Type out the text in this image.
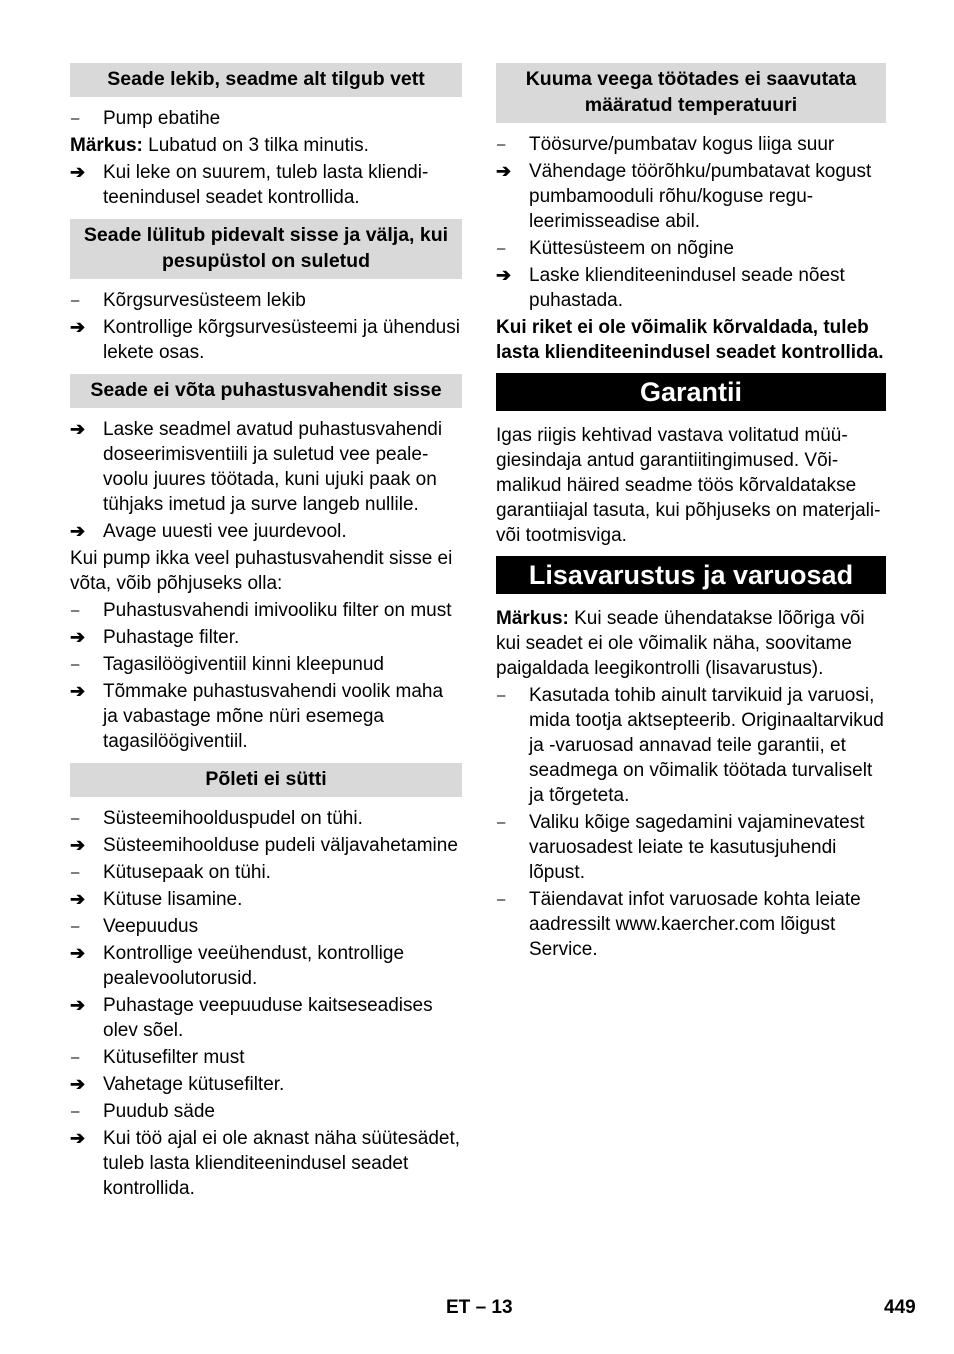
Seade lekib, seadme alt tilgub vett
–	Pump ebatihe
Märkus: Lubatud on 3 tilka minutis.
➔ Kui leke on suurem, tuleb lasta klienditeenindusel seadet kontrollida.
Seade lülitub pidevalt sisse ja välja, kui pesupüstol on suletud
–	Kõrgsurvesüsteem lekib
➔ Kontrollige kõrgsurvesüsteemi ja ühendusi lekete osas.
Seade ei võta puhastusvahendit sisse
➔ Laske seadmel avatud puhastusvahendi doseerimisventiili ja suletud vee pealevoolu juures töötada, kuni ujuki paak on tühjaks imetud ja surve langeb nullile.
➔ Avage uuesti vee juurdevool.
Kui pump ikka veel puhastusvahendit sisse ei võta, võib põhjuseks olla:
–	Puhastusvahendi imivooliku filter on must
➔ Puhastage filter.
–	Tagasilöögiventiil kinni kleepunud
➔ Tõmmake puhastusvahendi voolik maha ja vabastage mõne nüri esemega tagasilöögiventiil.
Põleti ei sütti
–	Süsteemihoolduspudel on tühi.
➔ Süsteemihoolduse pudeli väljavahetamine
–	Kütusepaak on tühi.
➔ Kütuse lisamine.
–	Veepuudus
➔ Kontrollige veeühendust, kontrollige pealevoolutorusid.
➔ Puhastage veepuuduse kaitseseadises olev sõel.
–	Kütusefilter must
➔ Vahetage kütusefilter.
–	Puudub säde
➔ Kui töö ajal ei ole aknast näha süütesädet, tuleb lasta klienditeenindusel seadet kontrollida.
Kuuma veega töötades ei saavutata määratud temperatuuri
–	Töösurve/pumbatav kogus liiga suur
➔ Vähendage töörõhku/pumbatavat kogust pumbamooduli rõhu/koguse reguleerimisseadise abil.
–	Küttesüsteem on nõgine
➔ Laske klienditeenindusel seade nõest puhastada.
Kui riket ei ole võimalik kõrvaldada, tuleb lasta klienditeenindusel seadet kontrollida.
Garantii
Igas riigis kehtivad vastava volitatud müügiesindaja antud garantiitingimused. Võimalikud häired seadme töös kõrvaldatakse garantiiajal tasuta, kui põhjuseks on materjali- või tootmisviga.
Lisavarustus ja varuosad
Märkus: Kui seade ühendatakse lõõriga või kui seadet ei ole võimalik näha, soovitame paigaldada leegikontrolli (lisavarustus).
–	Kasutada tohib ainult tarvikuid ja varuosi, mida tootja aktsepteerib. Originaaltarvikud ja -varuosad annavad teile garantii, et seadmega on võimalik töötada turvaliselt ja tõrgeteta.
–	Valiku kõige sagedamini vajaminevatest varuosadest leiate te kasutusjuhendi lõpust.
–	Täiendavat infot varuosade kohta leiate aadressilt www.kaercher.com lõigust Service.
ET – 13	449
